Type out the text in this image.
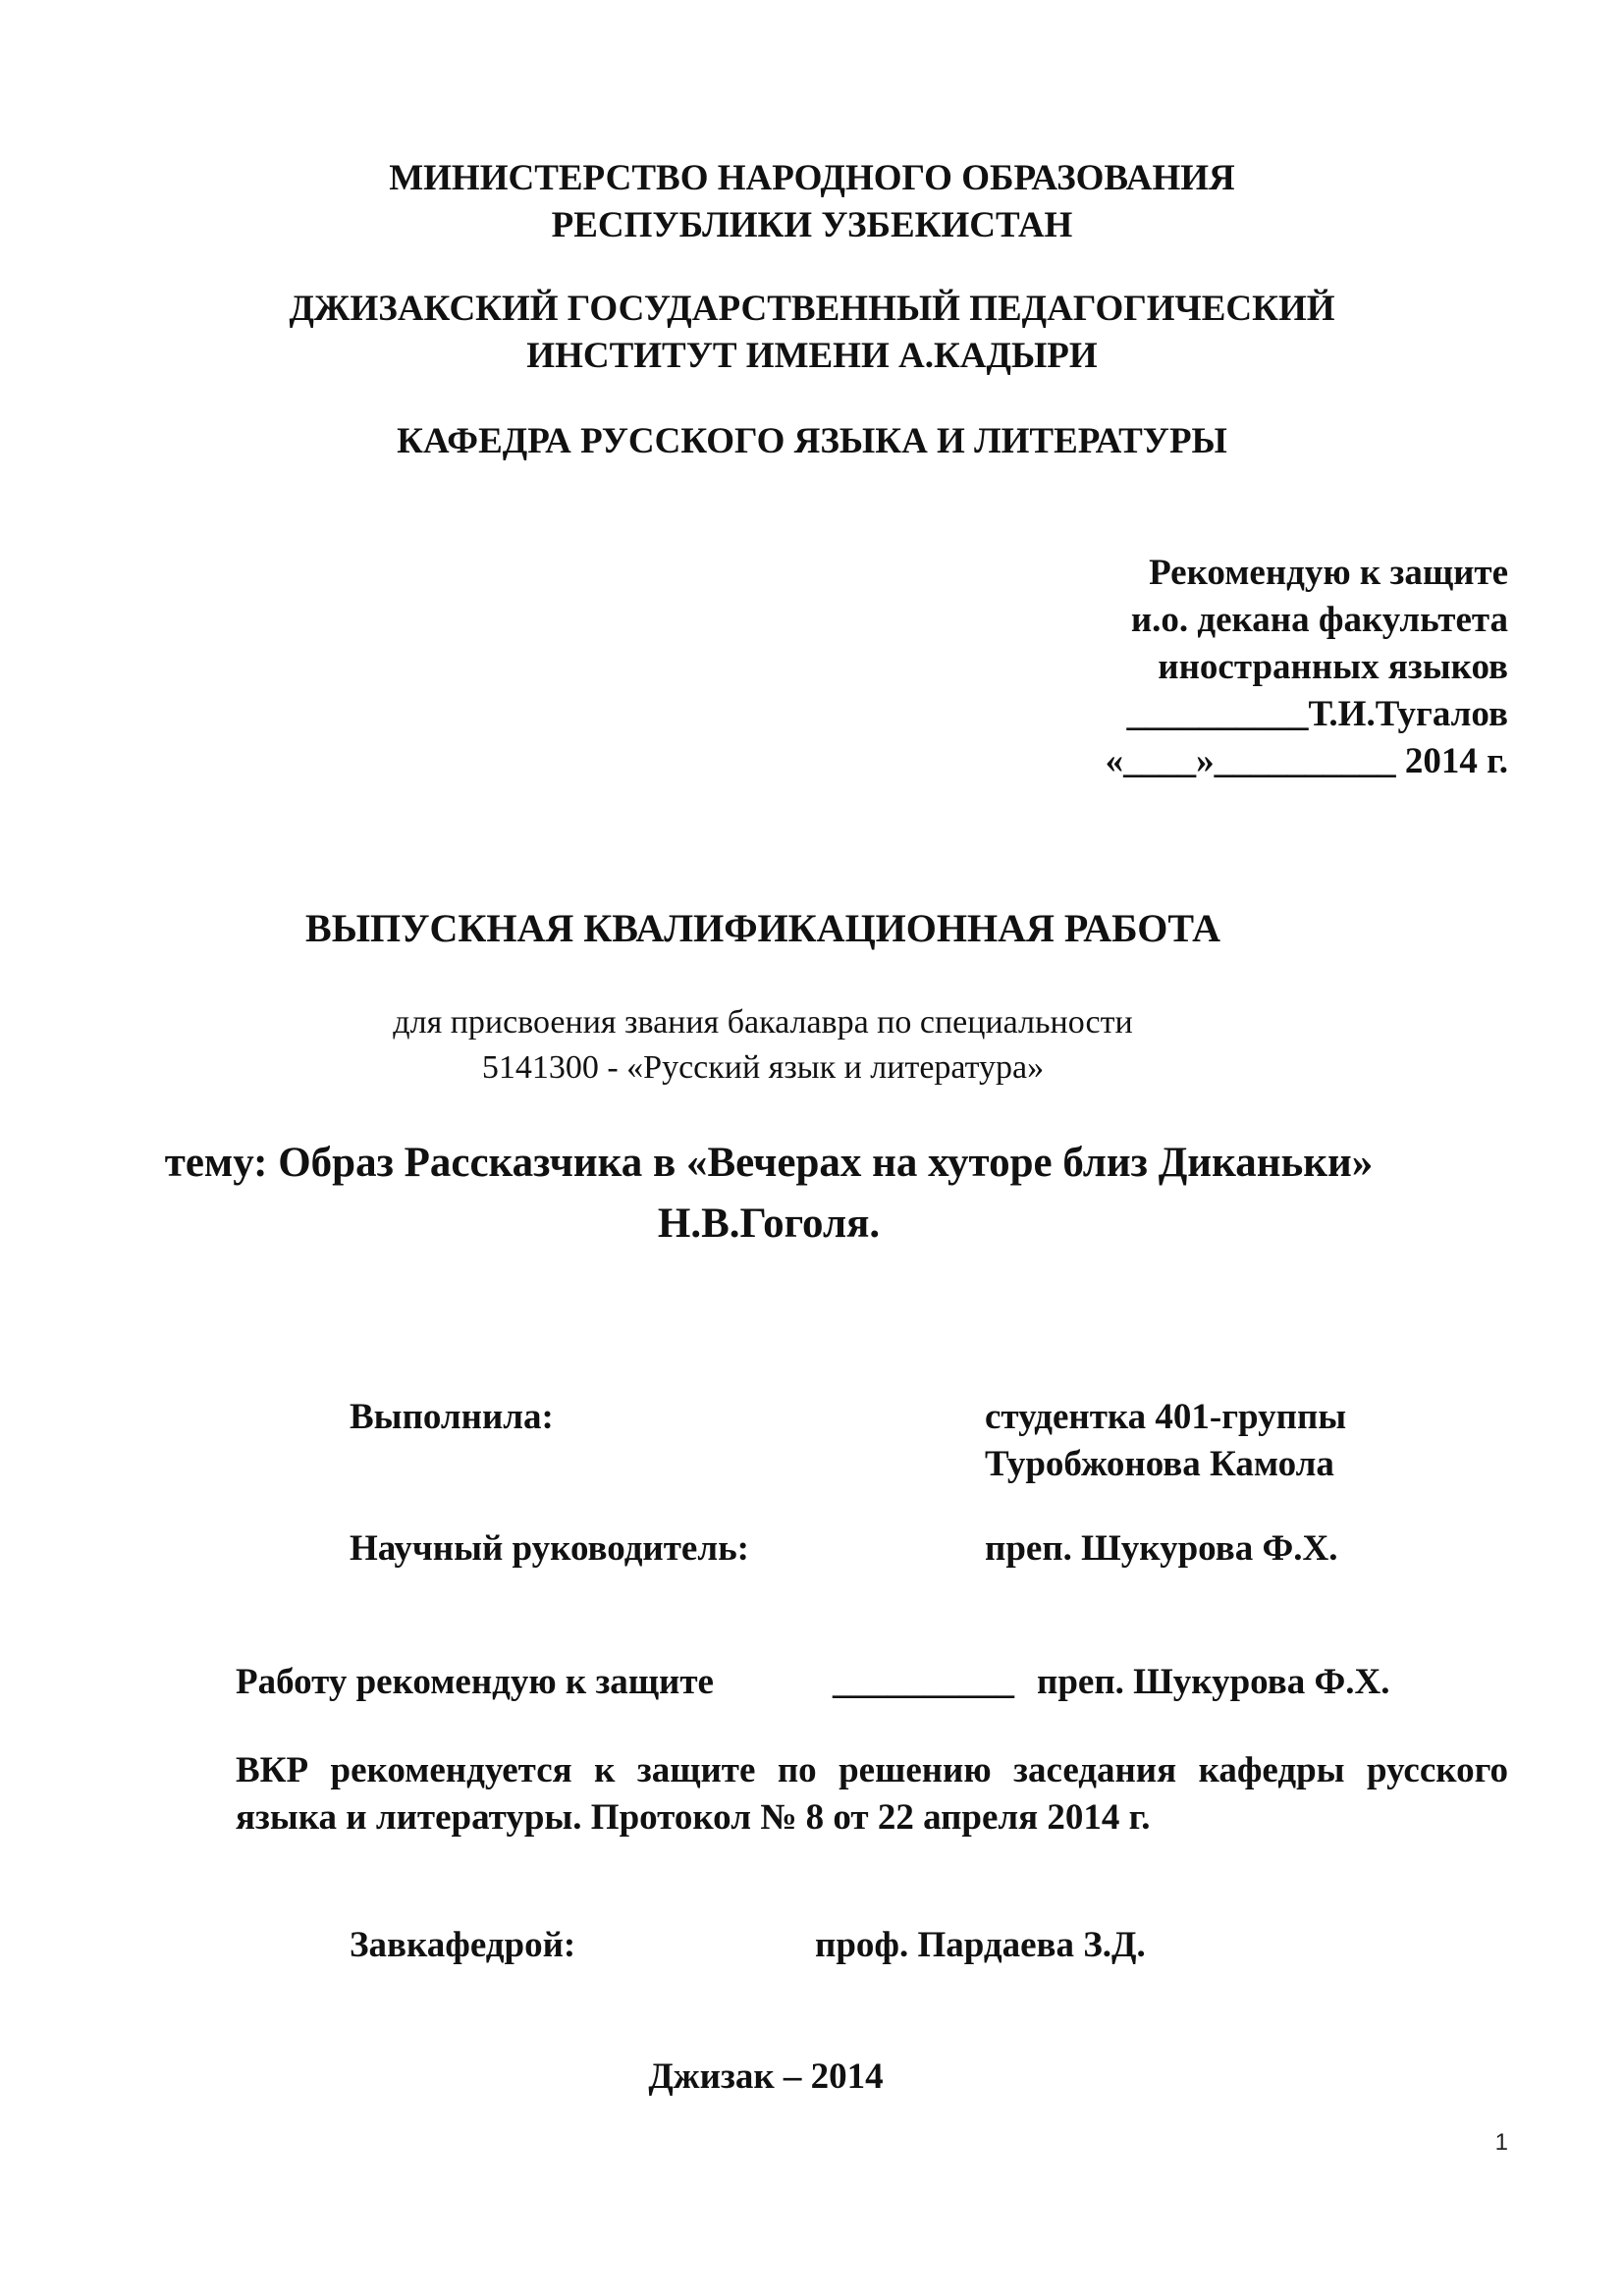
МИНИСТЕРСТВО НАРОДНОГО ОБРАЗОВАНИЯ
РЕСПУБЛИКИ УЗБЕКИСТАН
ДЖИЗАКСКИЙ ГОСУДАРСТВЕННЫЙ ПЕДАГОГИЧЕСКИЙ
ИНСТИТУТ ИМЕНИ А.КАДЫРИ
КАФЕДРА РУССКОГО ЯЗЫКА И ЛИТЕРАТУРЫ
Рекомендую к защите
и.о. декана факультета
иностранных языков
__________Т.И.Тугалов
«____»__________ 2014 г.
ВЫПУСКНАЯ КВАЛИФИКАЦИОННАЯ РАБОТА
для присвоения звания бакалавра по специальности
5141300 - «Русский язык и литература»
тему: Образ Рассказчика в «Вечерах на хуторе близ Диканьки»
Н.В.Гоголя.
Выполнила:	студентка 401-группы
Туробжонова Камола
Научный руководитель:	преп. Шукурова Ф.Х.
Работу рекомендую к защите	__________ преп. Шукурова Ф.Х.
ВКР рекомендуется к защите по решению заседания кафедры русского языка и литературы. Протокол № 8 от 22 апреля 2014 г.
Завкафедрой:	проф. Пардаева З.Д.
Джизак – 2014
1
